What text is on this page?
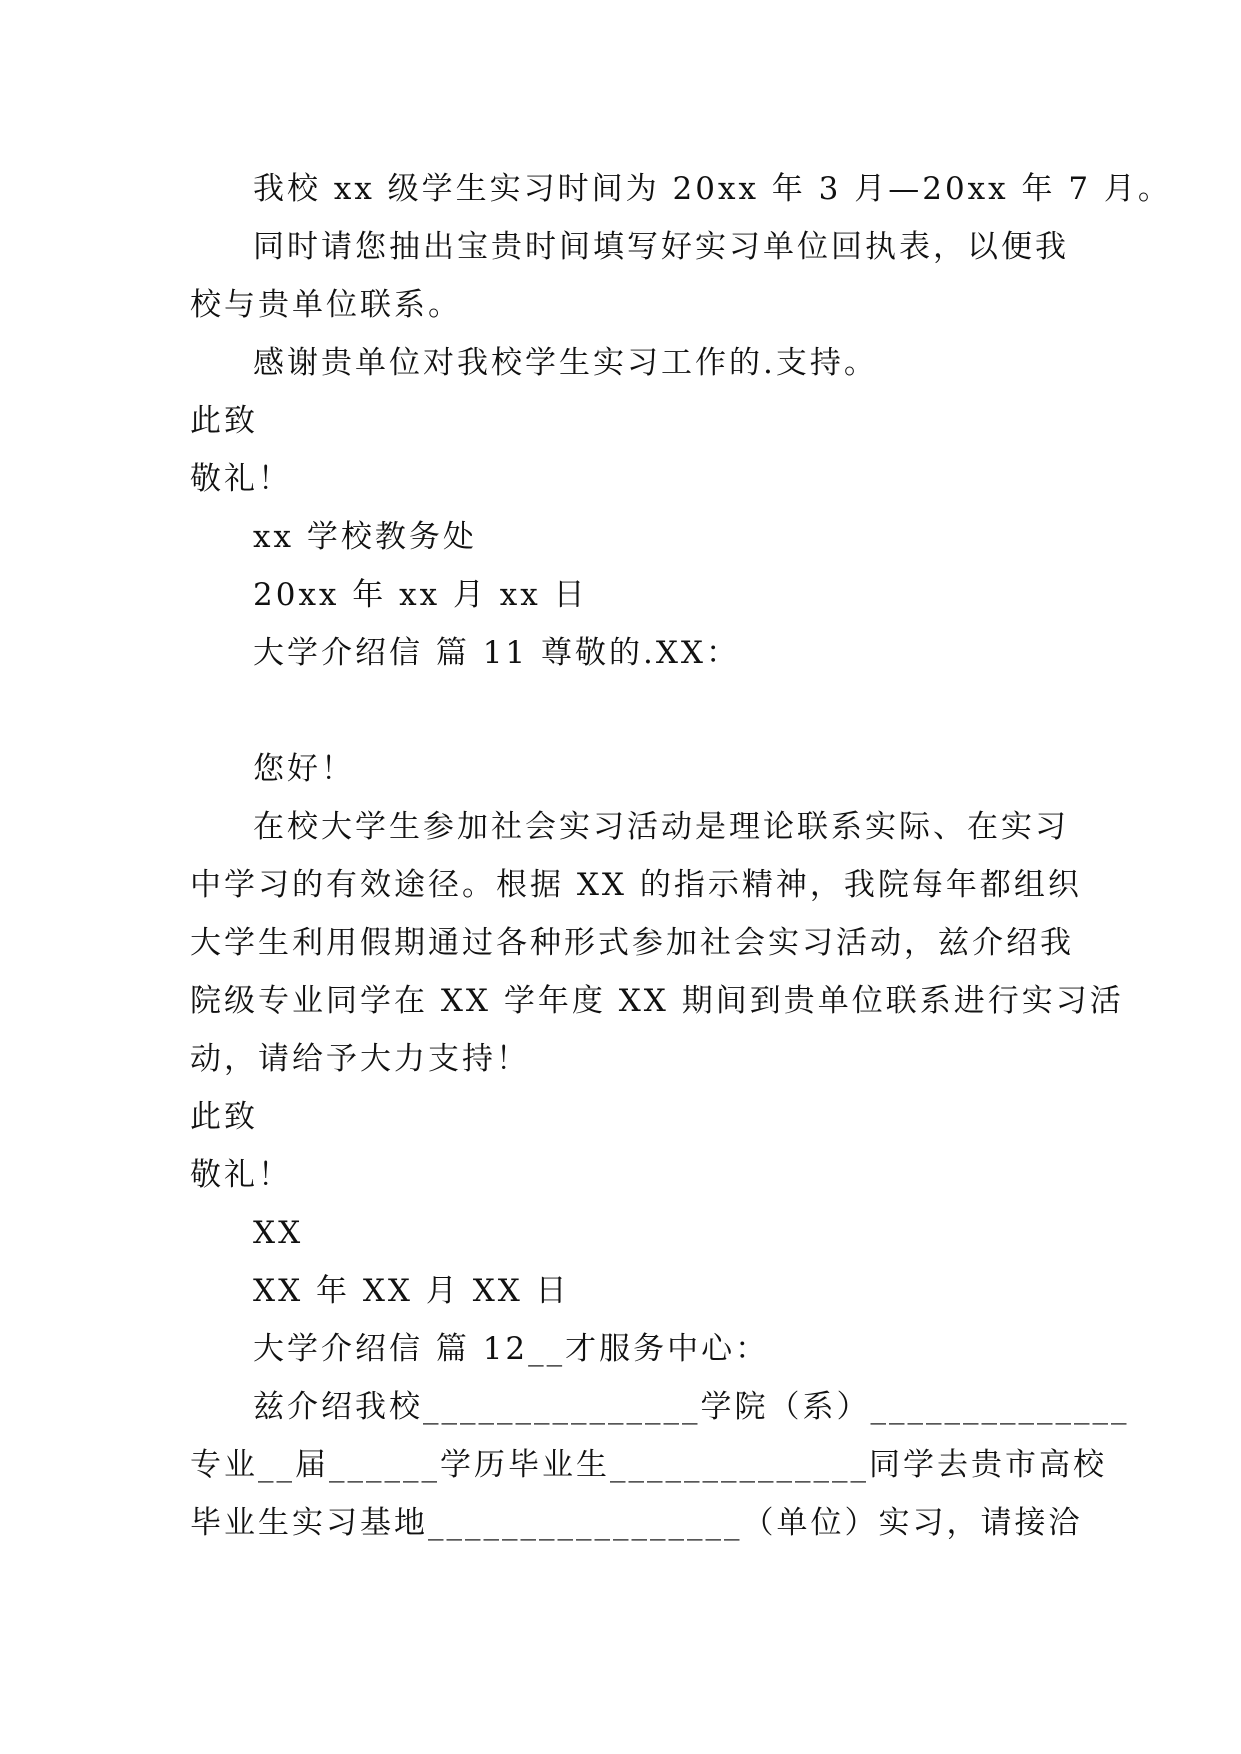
我校 xx 级学生实习时间为 20xx 年 3 月—20xx 年 7 月。
同时请您抽出宝贵时间填写好实习单位回执表，以便我
校与贵单位联系。
感谢贵单位对我校学生实习工作的.支持。
此致
敬礼！
xx 学校教务处
20xx 年 xx 月 xx 日
大学介绍信 篇 11 尊敬的.XX：
您好！
在校大学生参加社会实习活动是理论联系实际、在实习
中学习的有效途径。根据 XX 的指示精神，我院每年都组织
大学生利用假期通过各种形式参加社会实习活动，兹介绍我
院级专业同学在 XX 学年度 XX 期间到贵单位联系进行实习活
动，请给予大力支持！
此致
敬礼！
XX
XX 年 XX 月 XX 日
大学介绍信 篇 12__才服务中心：
兹介绍我校_______________学院（系）______________
专业__届______学历毕业生______________同学去贵市高校
毕业生实习基地_________________（单位）实习，请接洽
